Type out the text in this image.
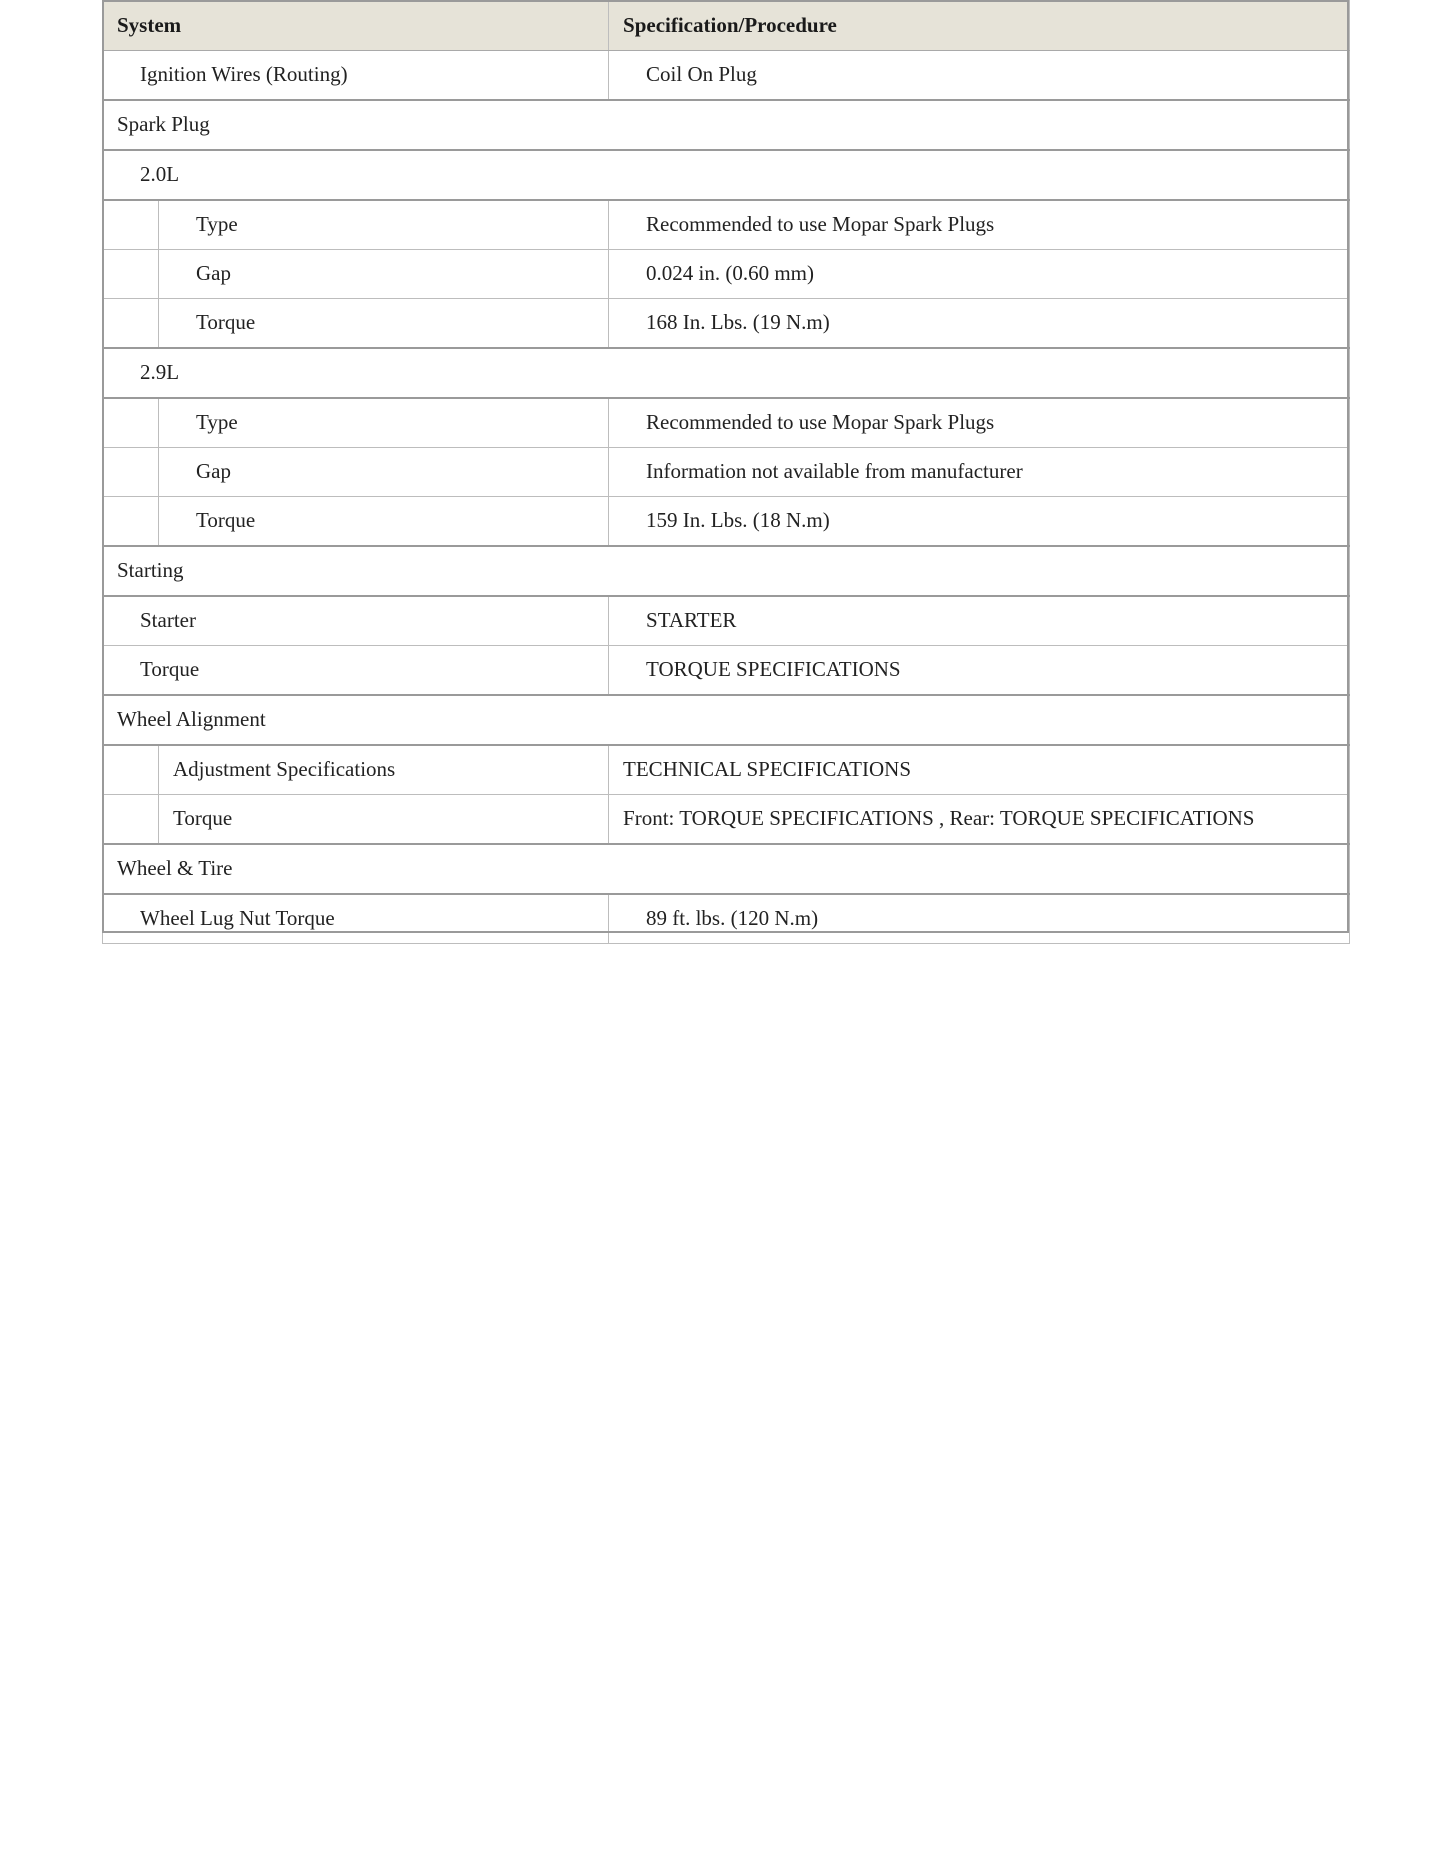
System		Specification/Procedure
Ignition Wires (Routing)		Coil On Plug
Spark Plug		
2.0L		
	Type	Recommended to use Mopar Spark Plugs
	Gap	0.024 in. (0.60 mm)
	Torque	168 In. Lbs. (19 N.m)
2.9L		
	Type	Recommended to use Mopar Spark Plugs
	Gap	Information not available from manufacturer
	Torque	159 In. Lbs. (18 N.m)
Starting		
Starter		STARTER
Torque		TORQUE SPECIFICATIONS
Wheel Alignment		
	Adjustment Specifications	TECHNICAL SPECIFICATIONS
	Torque	Front: TORQUE SPECIFICATIONS , Rear: TORQUE SPECIFICATIONS
Wheel & Tire		
Wheel Lug Nut Torque		89 ft. lbs. (120 N.m)
